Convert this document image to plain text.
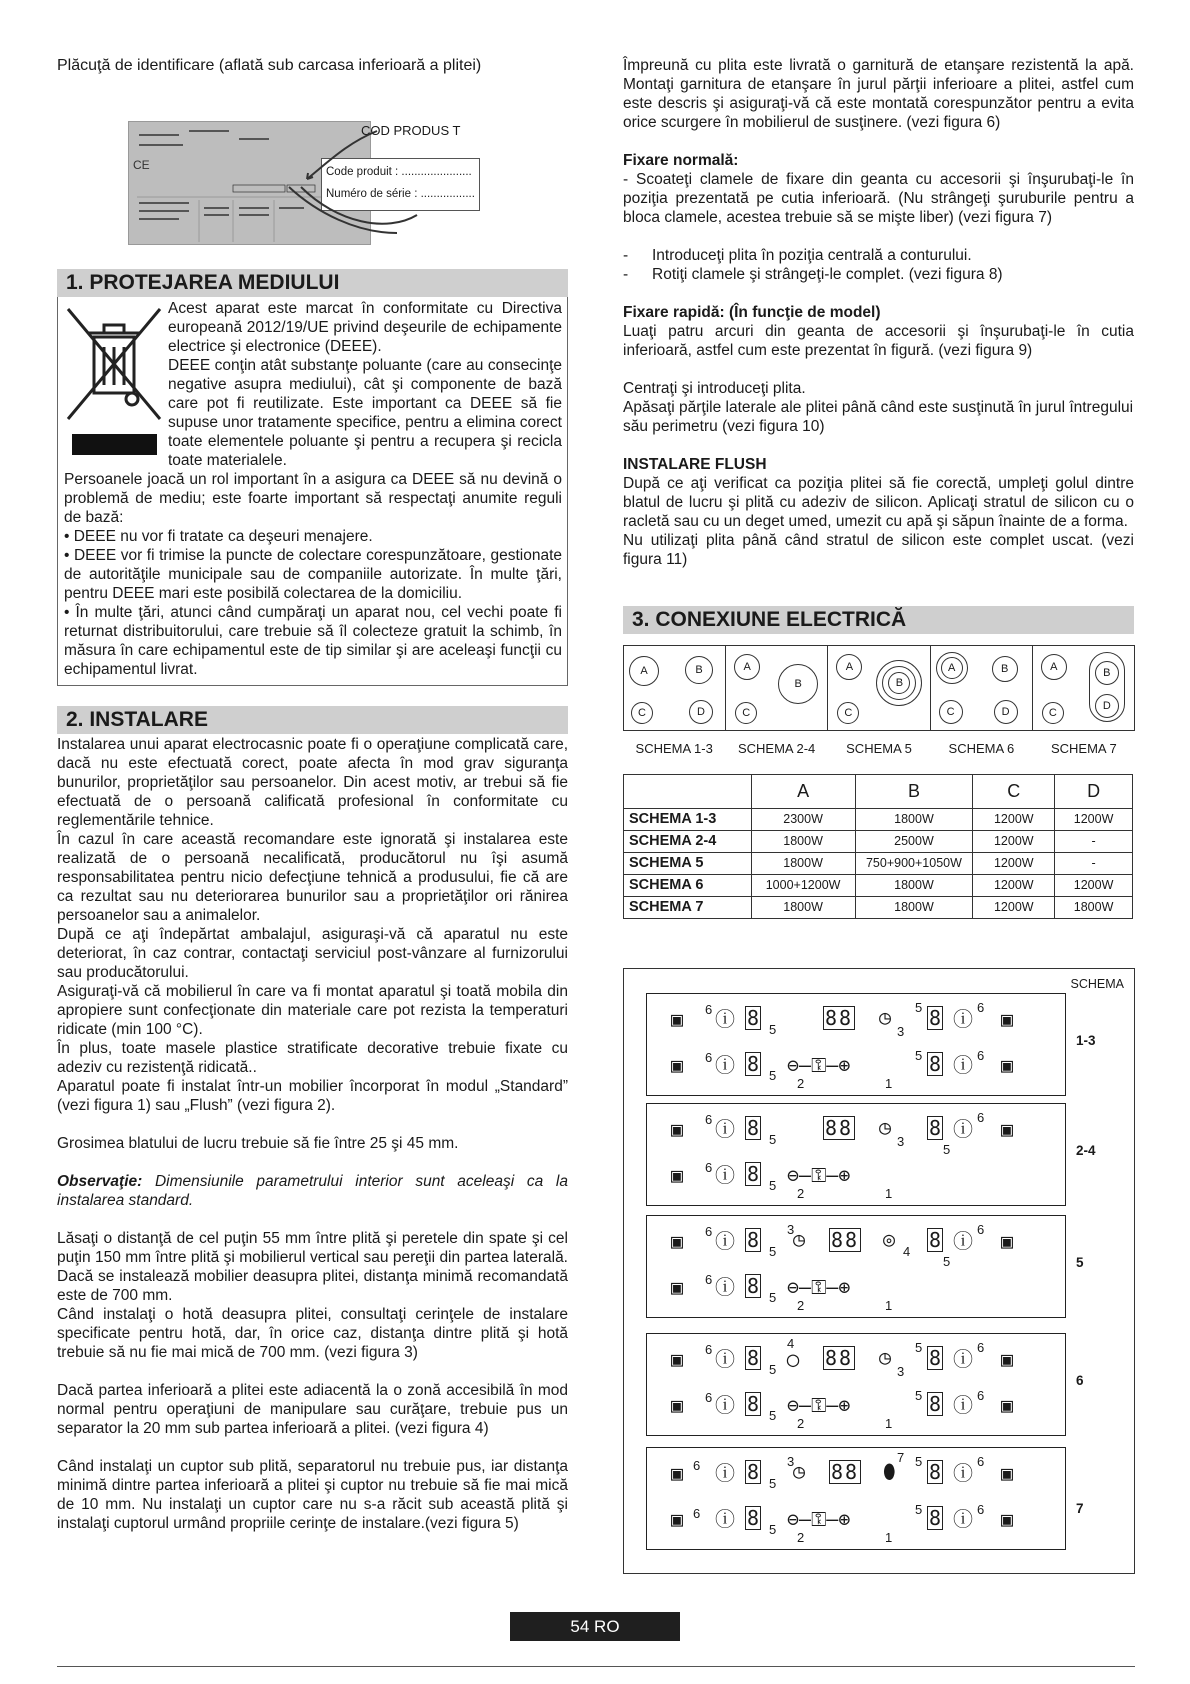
Plăcuţă de identificare (aflată sub carcasa inferioară a plitei)

CE
COD PRODUS T
Code produit : ......................
Numéro de série : .................
1. PROTEJAREA MEDIULUI

Acest aparat este marcat în conformitate cu Directiva europeană 2012/19/UE privind deşeurile de echipamente electrice şi electronice (DEEE).

DEEE conţin atât substanţe poluante (care au consecinţe negative asupra mediului), cât şi componente de bază care pot fi reutilizate. Este important ca DEEE să fie supuse unor tratamente specifice, pentru a elimina corect toate elementele poluante şi pentru a recupera şi recicla toate materialele.

Persoanele joacă un rol important în a asigura ca DEEE să nu devină o problemă de mediu; este foarte important să respectaţi anumite reguli de bază:

• DEEE nu vor fi tratate ca deşeuri menajere.

• DEEE vor fi trimise la puncte de colectare corespunzătoare, gestionate de autorităţile municipale sau de companiile autorizate. În multe ţări, pentru DEEE mari este posibilă colectarea de la domiciliu.

• În multe ţări, atunci când cumpăraţi un aparat nou, cel vechi poate fi returnat distribuitorului, care trebuie să îl colecteze gratuit la schimb, în măsura în care echipamentul este de tip similar şi are aceleaşi funcţii cu echipamentul livrat.

2. INSTALARE

Instalarea unui aparat electrocasnic poate fi o operaţiune complicată care, dacă nu este efectuată corect, poate afecta în mod grav siguranţa bunurilor, proprietăţilor sau persoanelor. Din acest motiv, ar trebui să fie efectuată de o persoană calificată profesional în conformitate cu reglementările tehnice.

În cazul în care această recomandare este ignorată şi instalarea este realizată de o persoană necalificată, producătorul nu îşi asumă responsabilitatea pentru nicio defecţiune tehnică a produsului, fie că are ca rezultat sau nu deteriorarea bunurilor sau a proprietăţilor ori rănirea persoanelor sau a animalelor.

După ce aţi îndepărtat ambalajul, asiguraşi-vă că aparatul nu este deteriorat, în caz contrar, contactaţi serviciul post-vânzare al furnizorului sau producătorului.

Asiguraţi-vă că mobilierul în care va fi montat aparatul şi toată mobila din apropiere sunt confecţionate din materiale care pot rezista la temperaturi ridicate (min 100 °C).

În plus, toate masele plastice stratificate decorative trebuie fixate cu adeziv cu rezistenţă ridicată..

Aparatul poate fi instalat într-un mobilier încorporat în modul „Standard” (vezi figura 1) sau „Flush” (vezi figura 2).

Grosimea blatului de lucru trebuie să fie între 25 şi 45 mm.

Observaţie: Dimensiunile parametrului interior sunt aceleaşi ca la instalarea standard.

Lăsaţi o distanţă de cel puţin 55 mm între plită şi peretele din spate şi cel puţin 150 mm între plită şi mobilierul vertical sau pereţii din partea laterală. Dacă se instalează mobilier deasupra plitei, distanţa minimă recomandată este de 700 mm.

Când instalaţi o hotă deasupra plitei, consultaţi cerinţele de instalare specificate pentru hotă, dar, în orice caz, distanţa dintre plită şi hotă trebuie să nu fie mai mică de 700 mm. (vezi figura 3)

Dacă partea inferioară a plitei este adiacentă la o zonă accesibilă în mod normal pentru operaţiuni de manipulare sau curăţare, trebuie pus un separator la 20 mm sub partea inferioară a plitei. (vezi figura 4)

Când instalaţi un cuptor sub plită, separatorul nu trebuie pus, iar distanţa minimă dintre partea inferioară a plitei şi cuptor nu trebuie să fie mai mică de 10 mm. Nu instalaţi un cuptor care nu s-a răcit sub această plită şi instalaţi cuptorul urmând propriile cerinţe de instalare.(vezi figura 5)

Împreună cu plita este livrată o garnitură de etanşare rezistentă la apă. Montaţi garnitura de etanşare în jurul părţii inferioare a plitei, astfel cum este descris şi asiguraţi-vă că este montată corespunzător pentru a evita orice scurgere în mobilierul de susţinere. (vezi figura 6)

Fixare normală:

- Scoateţi clamele de fixare din geanta cu accesorii şi înşurubaţi-le în poziţia prezentată pe cutia inferioară. (Nu strângeţi şuruburile pentru a bloca clamele, acestea trebuie să se mişte liber) (vezi figura 7)

-	Introduceţi plita în poziţia centrală a conturului.
-	Rotiţi clamele şi strângeţi-le complet. (vezi figura 8)

Fixare rapidă: (În funcţie de model)

Luaţi patru arcuri din geanta de accesorii şi înşurubaţi-le în cutia inferioară, astfel cum este prezentat în figură. (vezi figura 9)

Centraţi şi introduceţi plita.

Apăsaţi părţile laterale ale plitei până când este susţinută în jurul întregului său perimetru (vezi figura 10)

INSTALARE FLUSH

După ce aţi verificat ca poziţia plitei să fie corectă, umpleţi golul dintre blatul de lucru şi plită cu adeziv de silicon. Aplicaţi stratul de silicon cu o racletă sau cu un deget umed, umezit cu apă şi săpun înainte de a forma.

Nu utilizaţi plita până când stratul de silicon este complet uscat. (vezi figura 11)

3. CONEXIUNE ELECTRICĂ
A	B
C	D
A
B
C
A
B
C
A	B
C	D
A	B
D
C
SCHEMA 1-3	SCHEMA 2-4	SCHEMA 5	SCHEMA 6	SCHEMA 7
	A	B	C	D
SCHEMA 1-3	2300W	1800W	1200W	1200W
SCHEMA 2-4	1800W	2500W	1200W	-
SCHEMA 5	1800W	750+900+1050W	1200W	-
SCHEMA 6	1000+1200W	1800W	1200W	1200W
SCHEMA 7	1800W	1800W	1200W	1800W
SCHEMA
▣ 6 ⓘ 8 5 88 ◷
3
5 8 ⓘ 6 ▣
▣ 6 ⓘ 8 5 ⊖—⚿—⊕
2	1
5 8 ⓘ 6 ▣
1-3
▣ 6 ⓘ 8 5 88 ◷
3
8
5
ⓘ 6 ▣
▣ 6 ⓘ 8 5 ⊖—⚿—⊕
2	1
2-4
▣ 6 ⓘ 8 5
3
◷ 88 ◎
4 8
5
ⓘ 6 ▣
▣ 6 ⓘ 8 5 ⊖—⚿—⊕
2	1
5
▣ 6 ⓘ 8 5
4
◯ 88 ◷
3
5 8 ⓘ 6 ▣
▣ 6 ⓘ 8 5 ⊖—⚿—⊕
2	1
5 8 ⓘ 6 ▣
6
▣ 6 ⓘ 8 5
3
◷ 88 ⬮
7 5 8 ⓘ 6 ▣
▣ 6 ⓘ 8 5 ⊖—⚿—⊕
2	1
5 8 ⓘ 6 ▣	7
54 RO
